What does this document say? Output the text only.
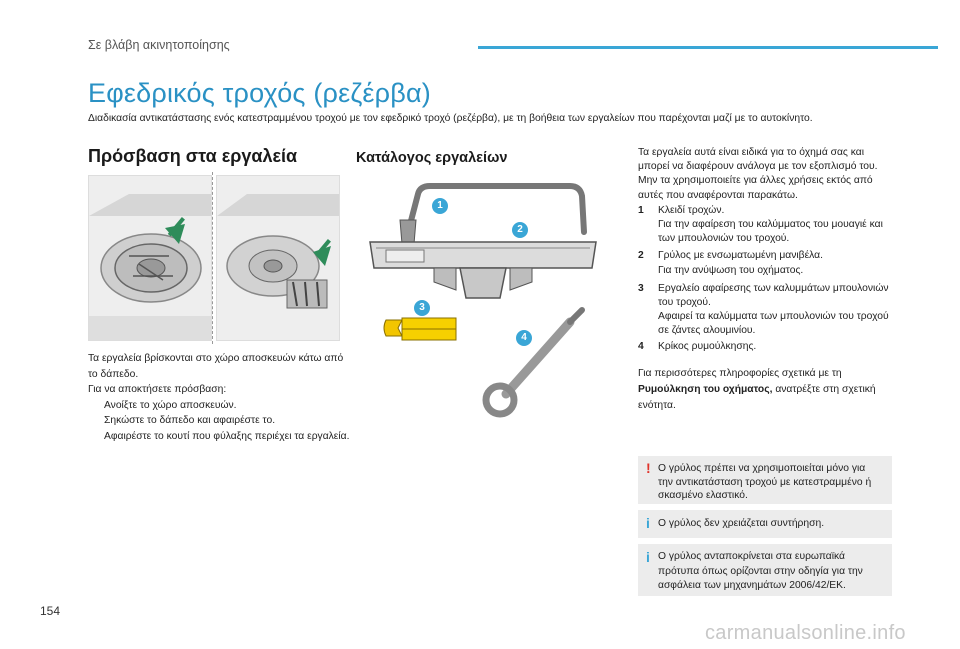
Σε βλάβη ακινητοποίησης
Εφεδρικός τροχός (ρεζέρβα)

Διαδικασία αντικατάστασης ενός κατεστραμμένου τροχού με τον εφεδρικό τροχό (ρεζέρβα), με τη βοήθεια των εργαλείων που παρέχονται μαζί με το αυτοκίνητο.

Πρόσβαση στα εργαλεία	Κατάλογος εργαλείων

Τα εργαλεία βρίσκονται στο χώρο αποσκευών κάτω από το δάπεδο.

Για να αποκτήσετε πρόσβαση:

Ανοίξτε το χώρο αποσκευών.
Σηκώστε το δάπεδο και αφαιρέστε το.
Αφαιρέστε το κουτί που φύλαξης περιέχει τα εργαλεία.
1
2
3
4

Τα εργαλεία αυτά είναι ειδικά για το όχημά σας και μπορεί να διαφέρουν ανάλογα με τον εξοπλισμό του. Μην τα χρησιμοποιείτε για άλλες χρήσεις εκτός από αυτές που αναφέρονται παρακάτω.

1 Κλειδί τροχών.
Για την αφαίρεση του καλύμματος του μουαγιέ και των μπουλονιών του τροχού.
2 Γρύλος με ενσωματωμένη μανιβέλα.
Για την ανύψωση του οχήματος.
3 Εργαλείο αφαίρεσης των καλυμμάτων μπουλονιών του τροχού.
Αφαιρεί τα καλύμματα των μπουλονιών του τροχού σε ζάντες αλουμινίου.
4 Κρίκος ρυμούλκησης.

Για περισσότερες πληροφορίες σχετικά με τη Ρυμούλκηση του οχήματος, ανατρέξτε στη σχετική ενότητα.

! Ο γρύλος πρέπει να χρησιμοποιείται μόνο για την αντικατάσταση τροχού με κατεστραμμένο ή σκασμένο ελαστικό.
i Ο γρύλος δεν χρειάζεται συντήρηση.
i Ο γρύλος ανταποκρίνεται στα ευρωπαϊκά πρότυπα όπως ορίζονται στην οδηγία για την ασφάλεια των μηχανημάτων 2006/42/ΕΚ.
154
carmanualsonline.info
